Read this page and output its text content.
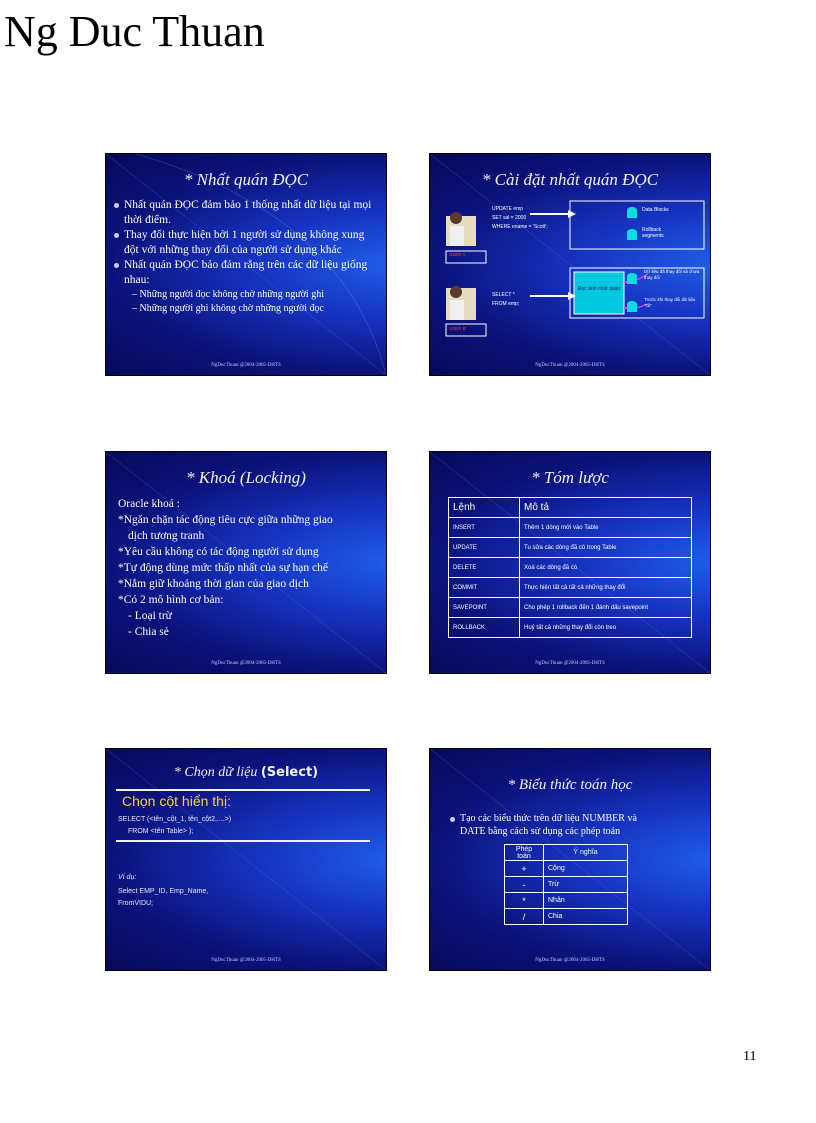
Ng Duc Thuan
* Nhất quán ĐỌC
Nhất quán ĐỌC đảm bảo 1 thống nhất dữ liệu tại mọi thời điểm.
Thay đổi thực hiện bởi 1 người sử dụng không xung đột với những thay đổi của người sử dụng khác
Nhất quán ĐỌC bảo đảm rằng trên các dữ liệu giống nhau:
– Những người đọc không chờ những người ghi
– Những người ghi không chờ những người đọc
NgDucThuan @2004-2005-DHTS
* Cài đặt nhất quán ĐỌC
UPDATE emp
SET sal = 2000
WHERE ename = 'Scott';
SELECT *
FROM emp;
USER A
USER B
Data Blocks
Rollback segments
Đọc ảnh nhất quán
Dữ liệu đã thay đổi và chưa thay đổi
Trước khi thay đổi dữ liệu "cũ"
NgDucThuan @2004-2005-DHTS
* Khoá (Locking)
Oracle khoá :
*Ngăn chặn tác động tiêu cực giữa những giao
dịch tương tranh
*Yêu cầu không có tác động người sử dụng
*Tự động dùng mức thấp nhất của sự hạn chế
*Nắm giữ khoảng thời gian của giao dịch
*Có 2 mô hình cơ bản:
- Loại trừ
- Chia sẻ
NgDucThuan @2004-2005-DHTS
* Tóm lược
Lệnh	Mô tả
INSERT	Thêm 1 dòng mới vào Table
UPDATE	Tu sửa các dòng đã có trong Table
DELETE	Xoá các dòng đã có
COMMIT	Thực hiện tất cả tất cả những thay đổi
SAVEPOINT	Cho phép 1 rollback đến 1 đánh dấu savepoint
ROLLBACK	Huỷ tất cả những thay đổi còn treo
NgDucThuan @2004-2005-DHTS
* Chọn dữ liệu (Select)
Chọn cột hiển thị:
SELECT (<tên_cột_1, tên_cột2,....>)
FROM <tên Table> );
Ví dụ:
Select EMP_ID, Emp_Name,
FromVIDU;
NgDucThuan @2004-2005-DHTS
* Biểu thức toán học
Tạo các biểu thức trên dữ liệu NUMBER và
DATE bằng cách sử dụng các phép toán
Phép toán	Ý nghĩa
+	Cộng
-	Trừ
*	Nhân
/	Chia
NgDucThuan @2004-2005-DHTS
11
